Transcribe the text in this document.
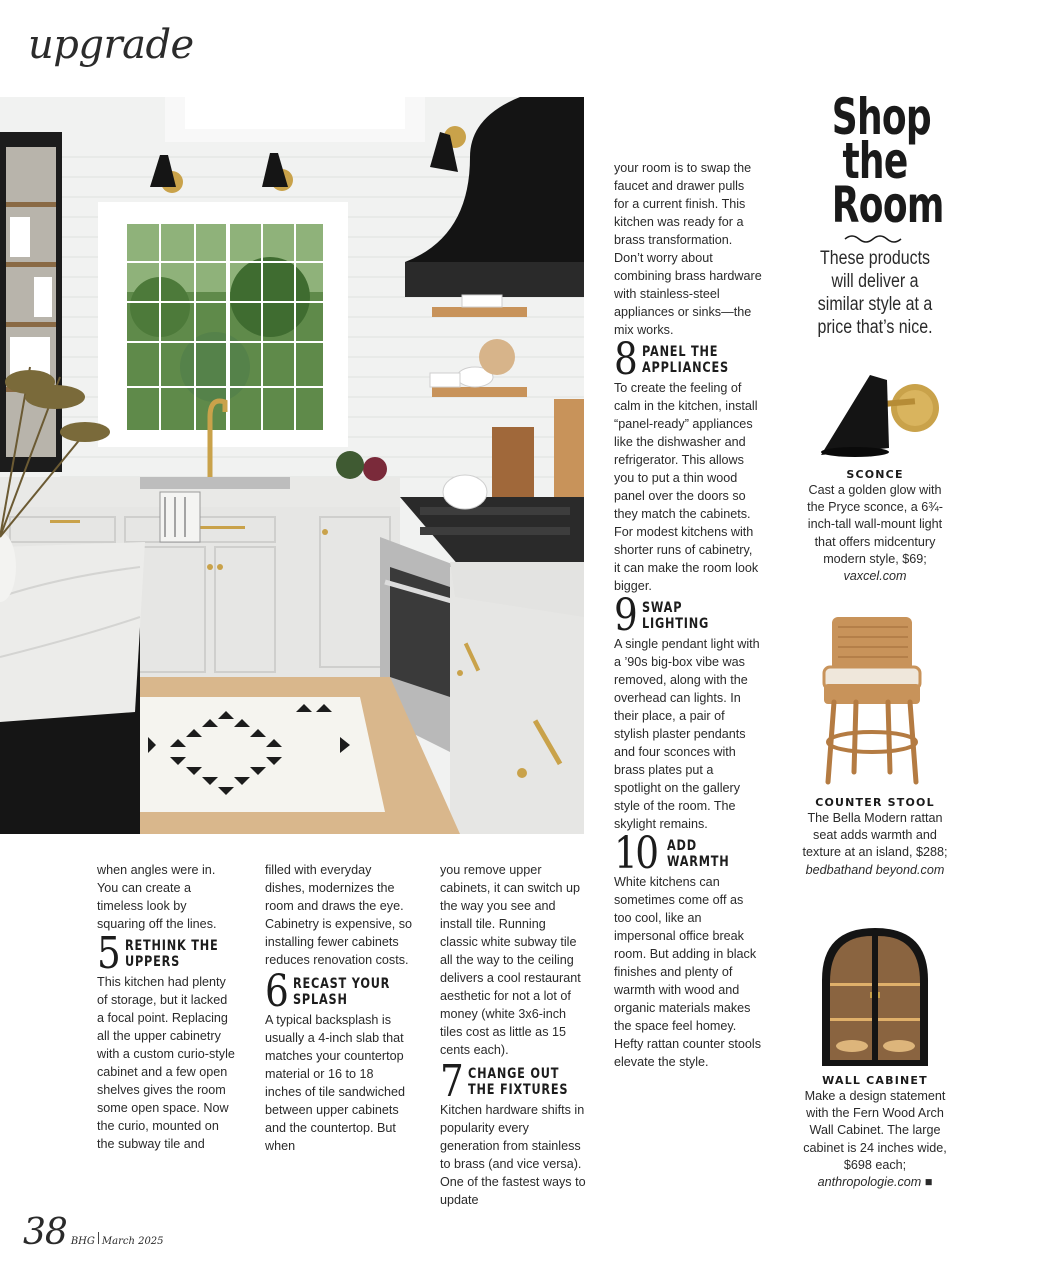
upgrade

when angles were in. You can create a timeless look by squaring off the lines.

5 RETHINK THE
UPPERS

This kitchen had plenty of storage, but it lacked a focal point. Replacing all the upper cabinetry with a custom curio-style cabinet and a few open shelves gives the room some open space. Now the curio, mounted on the subway tile and

filled with everyday dishes, modernizes the room and draws the eye. Cabinetry is expensive, so installing fewer cabinets reduces renovation costs.

6 RECAST YOUR
SPLASH

A typical backsplash is usually a 4-inch slab that matches your countertop material or 16 to 18 inches of tile sandwiched between upper cabinets and the countertop. But when

you remove upper cabinets, it can switch up the way you see and install tile. Running classic white subway tile all the way to the ceiling delivers a cool restaurant aesthetic for not a lot of money (white 3x6-inch tiles cost as little as 15 cents each).

7 CHANGE OUT
THE FIXTURES

Kitchen hardware shifts in popularity every generation from stainless to brass (and vice versa). One of the fastest ways to update

your room is to swap the faucet and drawer pulls for a current finish. This kitchen was ready for a brass transformation. Don’t worry about combining brass hardware with stainless-steel appliances or sinks—the mix works.

8 PANEL THE
APPLIANCES

To create the feeling of calm in the kitchen, install “panel-ready” appliances like the dishwasher and refrigerator. This allows you to put a thin wood panel over the doors so they match the cabinets. For modest kitchens with shorter runs of cabinetry, it can make the room look bigger.

9 SWAP
LIGHTING

A single pendant light with a ’90s big-box vibe was removed, along with the overhead can lights. In their place, a pair of stylish plaster pendants and four sconces with brass plates put a spotlight on the gallery style of the room. The skylight remains.

10 ADD
WARMTH

White kitchens can sometimes come off as too cool, like an impersonal office break room. But adding in black finishes and plenty of warmth with wood and organic materials makes the space feel homey. Hefty rattan counter stools elevate the style.

Shop
the
Room
These products will deliver a similar style at a price that’s nice.
SCONCE
Cast a golden glow with the Pryce sconce, a 6¾-inch-tall wall-mount light that offers midcentury modern style, $69;
vaxcel.com
COUNTER STOOL
The Bella Modern rattan seat adds warmth and texture at an island, $288;
bedbathand beyond.com
WALL CABINET
Make a design statement with the Fern Wood Arch Wall Cabinet. The large cabinet is 24 inches wide, $698 each;
anthropologie.com ■
38 BHG March 2025
